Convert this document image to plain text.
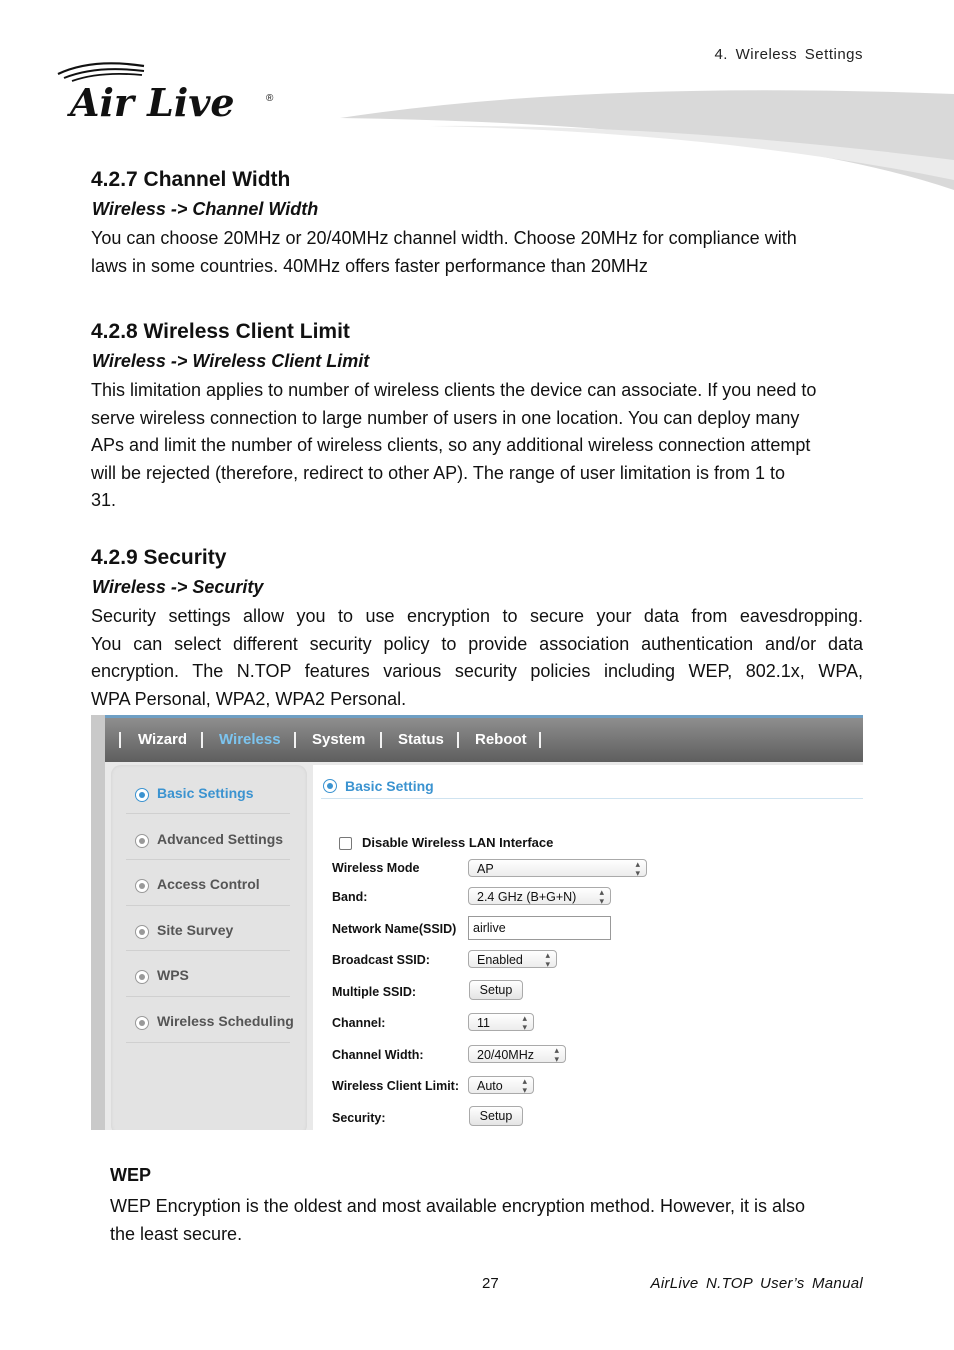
4. Wireless Settings
Air Live	®
4.2.7 Channel Width
Wireless -> Channel Width
You can choose 20MHz or 20/40MHz channel width. Choose 20MHz for compliance with
laws in some countries. 40MHz offers faster performance than 20MHz
4.2.8 Wireless Client Limit
Wireless -> Wireless Client Limit
This limitation applies to number of wireless clients the device can associate. If you need to
serve wireless connection to large number of users in one location. You can deploy many
APs and limit the number of wireless clients, so any additional wireless connection attempt
will be rejected (therefore, redirect to other AP). The range of user limitation is from 1 to
31.
4.2.9 Security
Wireless -> Security
Security settings allow you to use encryption to secure your data from eavesdropping.
You can select different security policy to provide association authentication and/or data
encryption. The N.TOP features various security policies including WEP, 802.1x, WPA,
WPA Personal, WPA2, WPA2 Personal.
Wizard Wireless System Status Reboot
Basic Settings
Advanced Settings
Access Control
Site Survey
WPS
Wireless Scheduling
Basic Setting
Disable Wireless LAN Interface
Wireless Mode	AP	▴
▾
Band:	2.4 GHz (B+G+N)	▴
▾
Network Name(SSID)	airlive
Broadcast SSID:	Enabled	▴
▾
Multiple SSID:	Setup
Channel:	11	▴
▾
Channel Width:	20/40MHz ▴
▾
Wireless Client Limit:	Auto ▴
▾
Security:	Setup
WEP
WEP Encryption is the oldest and most available encryption method. However, it is also
the least secure.
27	AirLive N.TOP User’s Manual
